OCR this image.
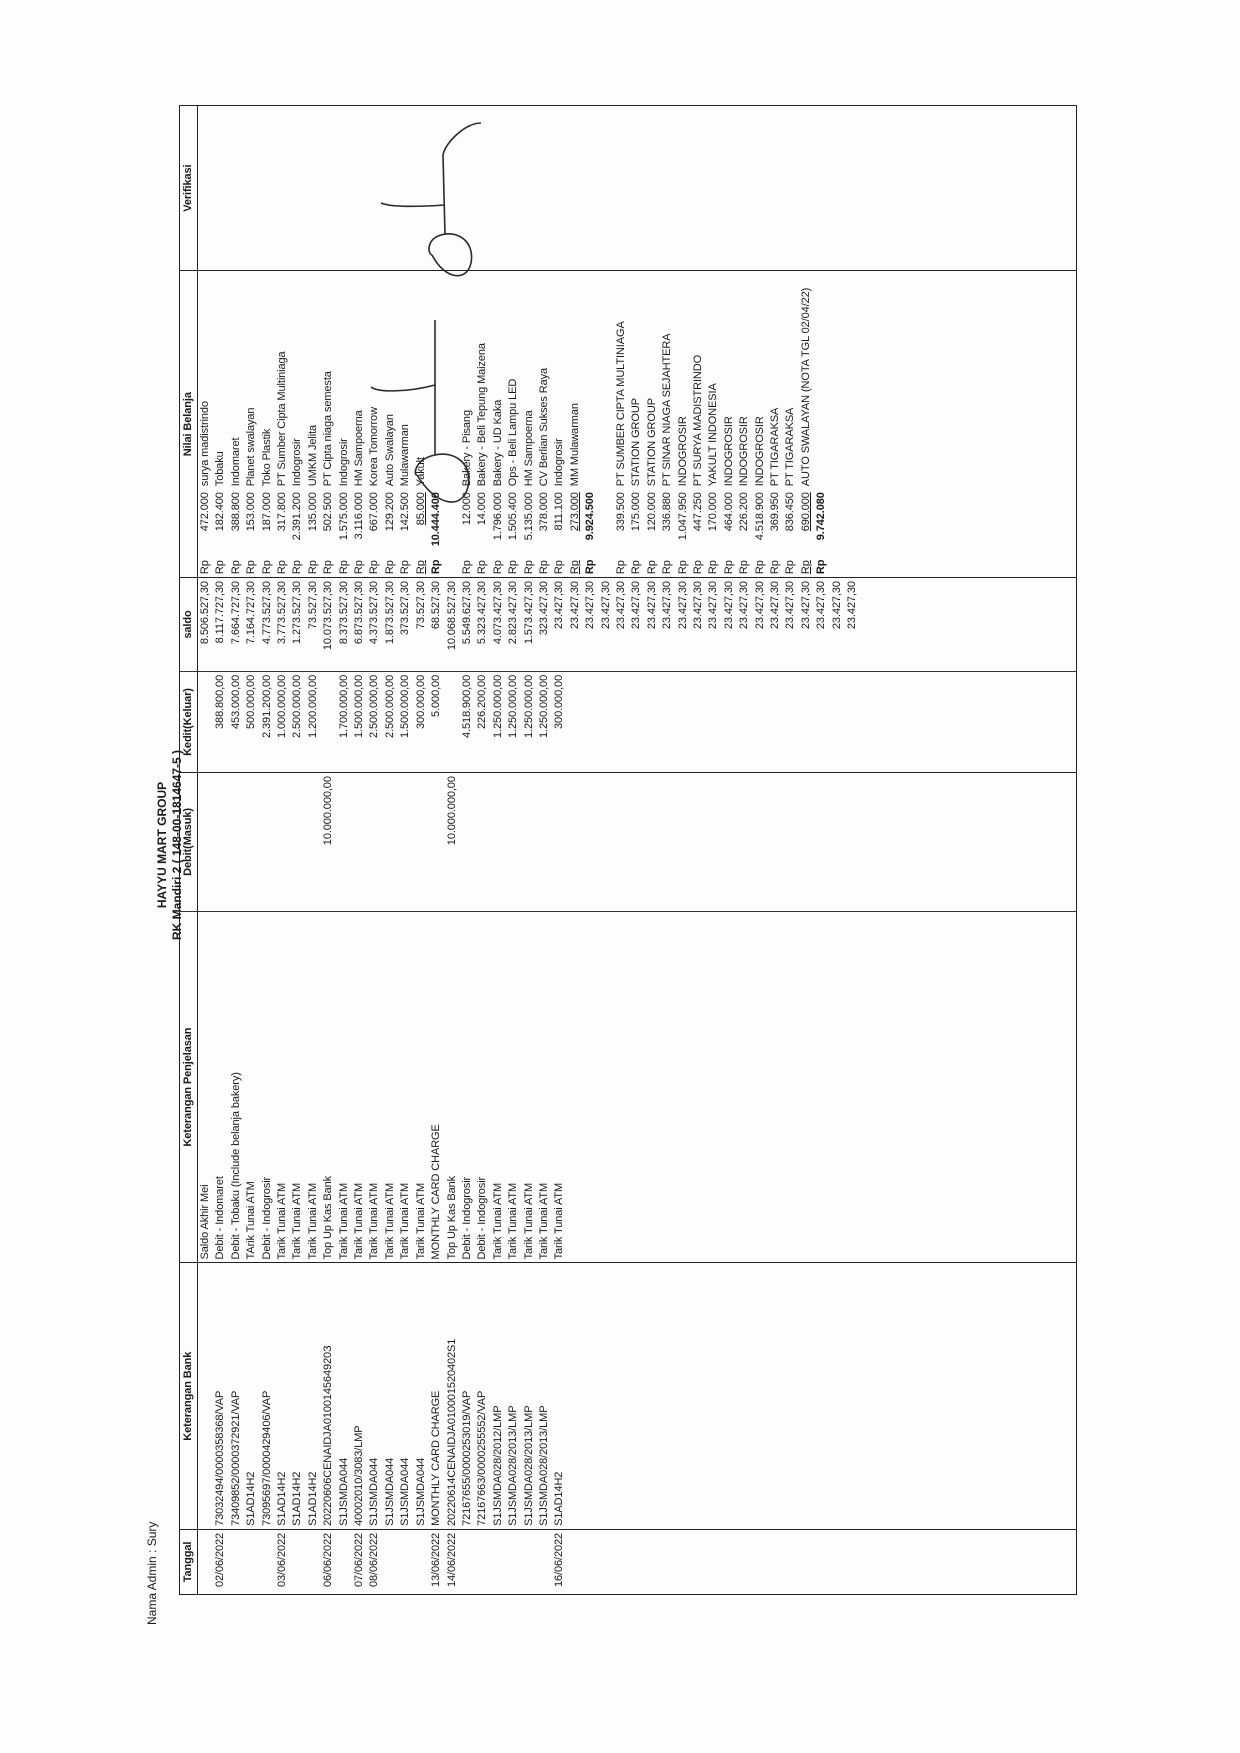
Nama Admin : Sury
HAYYU MART GROUP RK Mandiri 2 ( 148-00-1814647-5 )
Tanggal	Keterangan Bank	Keterangan Penjelasan	Debit(Masuk)	Kedit(Keluar)	saldo	Nilai Belanja			Verifikasi
		Saldo Akhir Mei			8.506.527,30	Rp	472.000	surya madistrindo	
02/06/2022	73032494/0000358368/VAP	Debit - Indomaret		388.800,00	8.117.727,30	Rp	182.400	Tobaku	
	73409852/0000372921/VAP	Debit - Tobaku (Include belanja bakery)		453.000,00	7.664.727,30	Rp	388.800	Indomaret	
	S1AD14H2	TArik Tunai ATM		500.000,00	7.164.727,30	Rp	153.000	Planet swalayan	
	73095697/0000429406/VAP	Debit - Indogrosir		2.391.200,00	4.773.527,30	Rp	187.000	Toko Plastik	
03/06/2022	S1AD14H2	Tarik Tunai ATM		1.000.000,00	3.773.527,30	Rp	317.800	PT Sumber Cipta Multiniaga	
	S1AD14H2	Tarik Tunai ATM		2.500.000,00	1.273.527,30	Rp	2.391.200	Indogrosir	
	S1AD14H2	Tarik Tunai ATM		1.200.000,00	73.527,30	Rp	135.000	UMKM Jelita	
06/06/2022	20220606CENAIDJA010014564920З	Top Up Kas Bank	10.000.000,00		10.073.527,30	Rp	502.500	PT Cipta niaga semesta	
	S1JSMDA044	Tarik Tunai ATM		1.700.000,00	8.373.527,30	Rp	1.575.000	Indogrosir	
07/06/2022	40002010/3083/LMP	Tarik Tunai ATM		1.500.000,00	6.873.527,30	Rp	3.116.000	HM Sampoerna	
08/06/2022	S1JSMDA044	Tarik Tunai ATM		2.500.000,00	4.373.527,30	Rp	667.000	Korea Tomorrow	
	S1JSMDA044	Tarik Tunai ATM		2.500.000,00	1.873.527,30	Rp	129.200	Auto Swalayan	
	S1JSMDA044	Tarik Tunai ATM		1.500.000,00	373.527,30	Rp	142.500	Mulawarman	
	S1JSMDA044	Tarik Tunai ATM		300.000,00	73.527,30	Rp	85.000	Yakult	
13/06/2022	MONTHLY CARD CHARGE	MONTHLY CARD CHARGE		5.000,00	68.527,30	Rp	10.444.400		
14/06/2022	20220614CENAIDJA010001520402S1	Top Up Kas Bank	10.000.000,00		10.068.527,30				
	72167655/0000253019/VAP	Debit - Indogrosir		4.518.900,00	5.549.627,30	Rp	12.000	Bakery - Pisang	
	72167663/0000255552/VAP	Debit - Indogrosir		226.200,00	5.323.427,30	Rp	14.000	Bakery - Beli Tepung Maizena	
	S1JSMDA028/2012/LMP	Tarik Tunai ATM		1.250.000,00	4.073.427,30	Rp	1.796.000	Bakery - UD Kaka	
	S1JSMDA028/2013/LMP	Tarik Tunai ATM		1.250.000,00	2.823.427,30	Rp	1.505.400	Ops - Beli Lampu LED	
	S1JSMDA028/2013/LMP	Tarik Tunai ATM		1.250.000,00	1.573.427,30	Rp	5.135.000	HM Sampoerna	
	S1JSMDA028/2013/LMP	Tarik Tunai ATM		1.250.000,00	323.427,30	Rp	378.000	CV Berlian Sukses Raya	
16/06/2022	S1AD14H2	Tarik Tunai ATM		300.000,00	23.427,30	Rp	811.100	Indogrosir	
					23.427,30	Rp	273.000	MM Mulawarman	
					23.427,30	Rp	9.924.500		
					23.427,30				
					23.427,30	Rp	339.500	PT SUMBER CIPTA MULTINIAGA	
					23.427,30	Rp	175.000	STATION GROUP	
					23.427,30	Rp	120.000	STATION GROUP	
					23.427,30	Rp	336.880	PT SINAR NIAGA SEJAHTERA	
					23.427,30	Rp	1.047.950	INDOGROSIR	
					23.427,30	Rp	447.250	PT SURYA MADISTRINDO	
					23.427,30	Rp	170.000	YAKULT INDONESIA	
					23.427,30	Rp	464.000	INDOGROSIR	
					23.427,30	Rp	226.200	INDOGROSIR	
					23.427,30	Rp	4.518.900	INDOGROSIR	
					23.427,30	Rp	369.950	PT TIGARAKSA	
					23.427,30	Rp	836.450	PT TIGARAKSA	
					23.427,30	Rp	690.000	AUTO SWALAYAN (NOTA TGL 02/04/22)	
					23.427,30	Rp	9.742.080		
					23.427,30				
					23.427,30				
